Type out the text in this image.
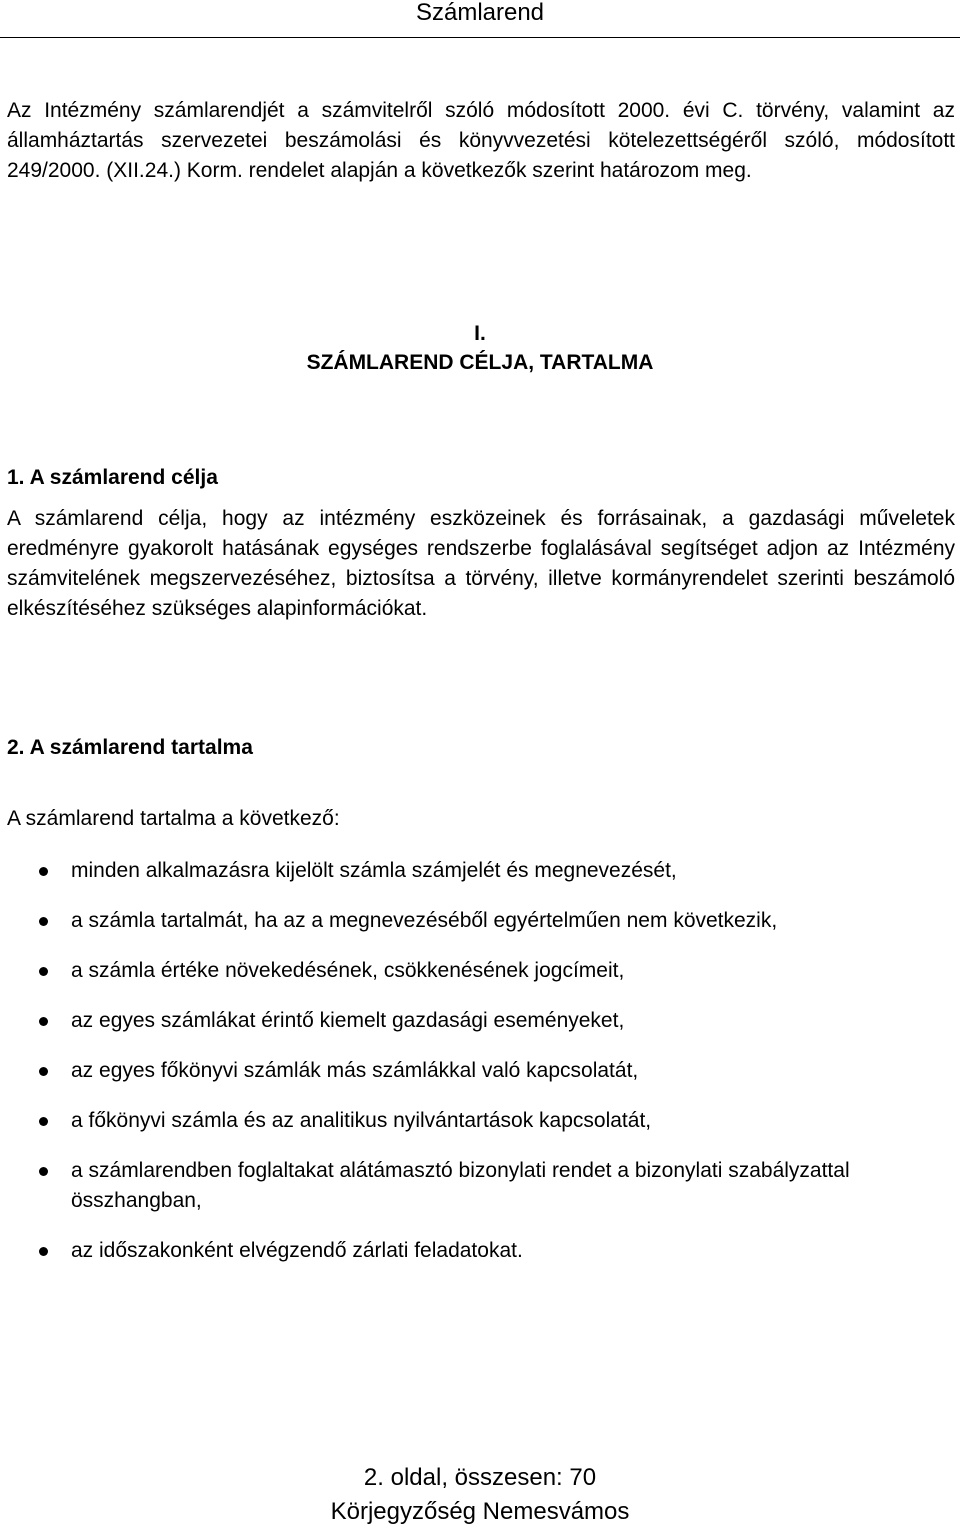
Számlarend

Az Intézmény számlarendjét a számvitelről szóló módosított 2000. évi C. törvény, valamint az államháztartás szervezetei beszámolási és könyvvezetési kötelezettségéről szóló, módosított 249/2000. (XII.24.) Korm. rendelet alapján a következők szerint határozom meg.

I.
SZÁMLAREND CÉLJA, TARTALMA
1. A számlarend célja

A számlarend célja, hogy az intézmény eszközeinek és forrásainak, a gazdasági műveletek eredményre gyakorolt hatásának egységes rendszerbe foglalásával segítséget adjon az Intézmény számvitelének megszervezéséhez, biztosítsa a törvény, illetve kormányrendelet szerinti beszámoló elkészítéséhez szükséges alapinformációkat.

2. A számlarend tartalma

A számlarend tartalma a következő:

minden alkalmazásra kijelölt számla számjelét és megnevezését,
a számla tartalmát, ha az a megnevezéséből egyértelműen nem következik,
a számla értéke növekedésének, csökkenésének jogcímeit,
az egyes számlákat érintő kiemelt gazdasági eseményeket,
az egyes főkönyvi számlák más számlákkal való kapcsolatát,
a főkönyvi számla és az analitikus nyilvántartások kapcsolatát,
a számlarendben foglaltakat alátámasztó bizonylati rendet a bizonylati szabályzattal összhangban,
az időszakonként elvégzendő zárlati feladatokat.
2. oldal, összesen: 70
Körjegyzőség Nemesvámos
